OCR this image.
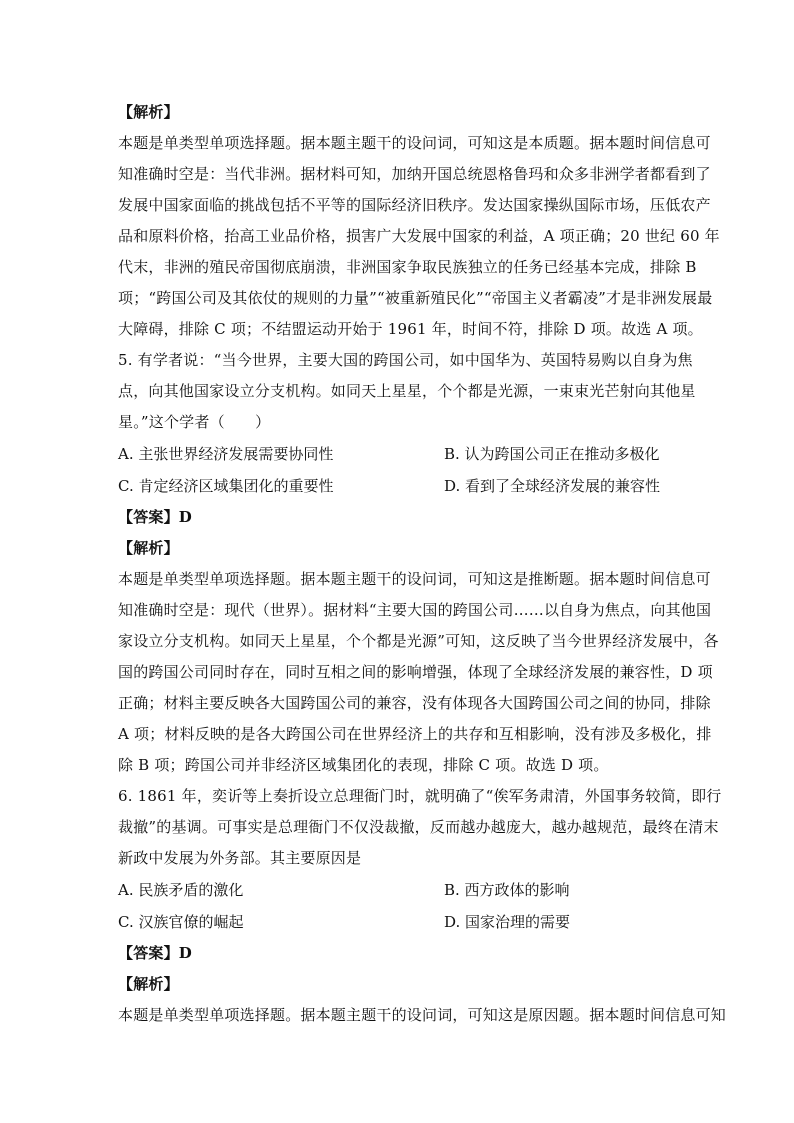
【解析】
本题是单类型单项选择题。据本题主题干的设问词，可知这是本质题。据本题时间信息可
知准确时空是：当代非洲。据材料可知，加纳开国总统恩格鲁玛和众多非洲学者都看到了
发展中国家面临的挑战包括不平等的国际经济旧秩序。发达国家操纵国际市场，压低农产
品和原料价格，抬高工业品价格，损害广大发展中国家的利益，A 项正确；20 世纪 60 年
代末，非洲的殖民帝国彻底崩溃，非洲国家争取民族独立的任务已经基本完成，排除 B
项；“跨国公司及其依仗的规则的力量”“被重新殖民化”“帝国主义者霸凌”才是非洲发展最
大障碍，排除 C 项；不结盟运动开始于 1961 年，时间不符，排除 D 项。故选 A 项。
5. 有学者说：“当今世界，主要大国的跨国公司，如中国华为、英国特易购以自身为焦
点，向其他国家设立分支机构。如同天上星星，个个都是光源，一束束光芒射向其他星
星。”这个学者（　　）
A. 主张世界经济发展需要协同性	B. 认为跨国公司正在推动多极化
C. 肯定经济区域集团化的重要性	D. 看到了全球经济发展的兼容性
【答案】D
【解析】
本题是单类型单项选择题。据本题主题干的设问词，可知这是推断题。据本题时间信息可
知准确时空是：现代（世界）。据材料“主要大国的跨国公司……以自身为焦点，向其他国
家设立分支机构。如同天上星星，个个都是光源”可知，这反映了当今世界经济发展中，各
国的跨国公司同时存在，同时互相之间的影响增强，体现了全球经济发展的兼容性，D 项
正确；材料主要反映各大国跨国公司的兼容，没有体现各大国跨国公司之间的协同，排除
A 项；材料反映的是各大跨国公司在世界经济上的共存和互相影响，没有涉及多极化，排
除 B 项；跨国公司并非经济区域集团化的表现，排除 C 项。故选 D 项。
6. 1861 年，奕䜣等上奏折设立总理衙门时，就明确了“俟军务肃清，外国事务较简，即行
裁撤”的基调。可事实是总理衙门不仅没裁撤，反而越办越庞大，越办越规范，最终在清末
新政中发展为外务部。其主要原因是
A. 民族矛盾的激化	B. 西方政体的影响
C. 汉族官僚的崛起	D. 国家治理的需要
【答案】D
【解析】
本题是单类型单项选择题。据本题主题干的设问词，可知这是原因题。据本题时间信息可知
